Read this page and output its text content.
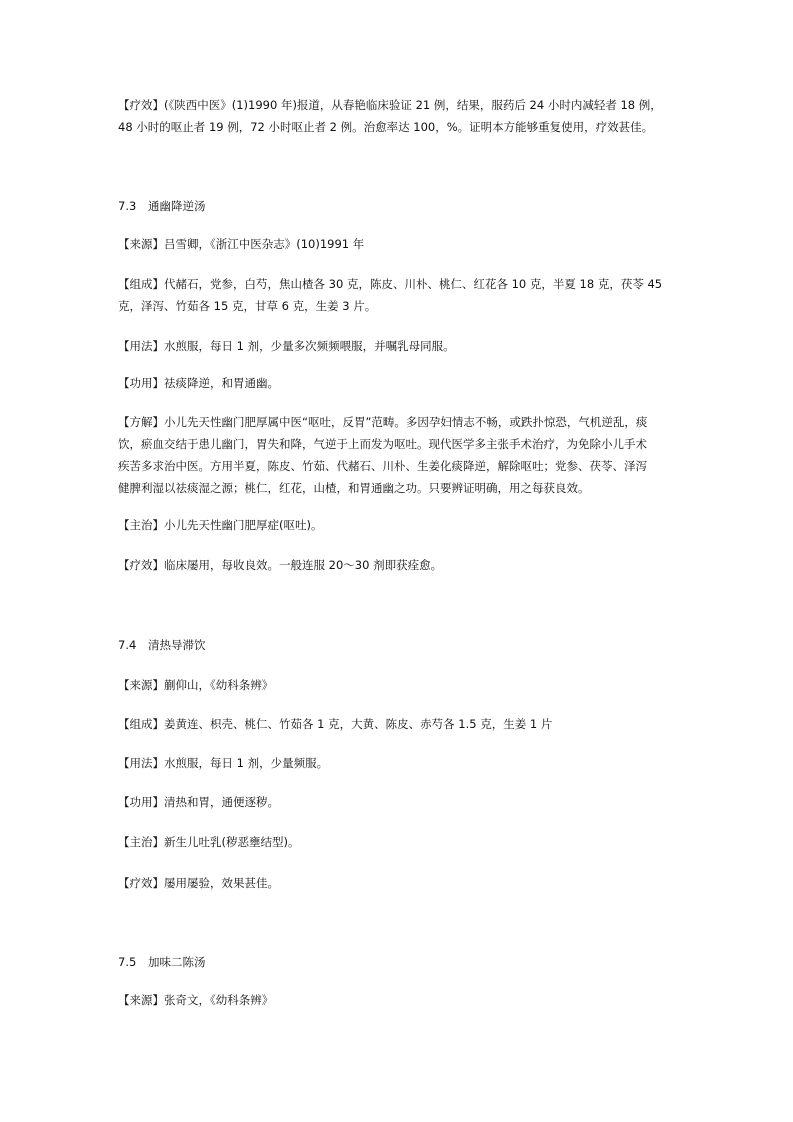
【疗效】(《陕西中医》(1)1990 年)报道，从春艳临床验证 21 例，结果，服药后 24 小时内减轻者 18 例，
48 小时的呕止者 19 例，72 小时呕止者 2 例。治愈率达 100，%。证明本方能够重复使用，疗效甚佳。

7.3 通幽降逆汤

【来源】吕雪卿，《浙江中医杂志》(10)1991 年

【组成】代赭石，党参，白芍，焦山楂各 30 克，陈皮、川朴、桃仁、红花各 10 克，半夏 18 克，茯苓 45
克，泽泻、竹茹各 15 克，甘草 6 克，生姜 3 片。

【用法】水煎服，每日 1 剂，少量多次频频喂服，并嘱乳母同服。

【功用】祛痰降逆，和胃通幽。

【方解】小儿先天性幽门肥厚属中医“呕吐，反胃”范畴。多因孕妇情志不畅，或跌扑惊恐，气机逆乱，痰
饮，瘀血交结于患儿幽门，胃失和降，气逆于上而发为呕吐。现代医学多主张手术治疗，为免除小儿手术
疾苦多求治中医。方用半夏，陈皮、竹茹、代赭石、川朴、生姜化痰降逆，解除呕吐；党参、茯苓、泽泻
健脾利湿以祛痰湿之源；桃仁，红花，山楂，和胃通幽之功。只要辨证明确，用之每获良效。

【主治】小儿先天性幽门肥厚症(呕吐)。

【疗效】临床屡用，每收良效。一般连服 20～30 剂即获痊愈。

7.4 清热导滞饮

【来源】蒯仰山，《幼科条辨》

【组成】姜黄连、枳壳、桃仁、竹茹各 1 克，大黄、陈皮、赤芍各 1.5 克，生姜 1 片

【用法】水煎服，每日 1 剂，少量频服。

【功用】清热和胃，通便逐秽。

【主治】新生儿吐乳(秽恶壅结型)。

【疗效】屡用屡验，效果甚佳。

7.5 加味二陈汤

【来源】张奇文，《幼科条辨》
